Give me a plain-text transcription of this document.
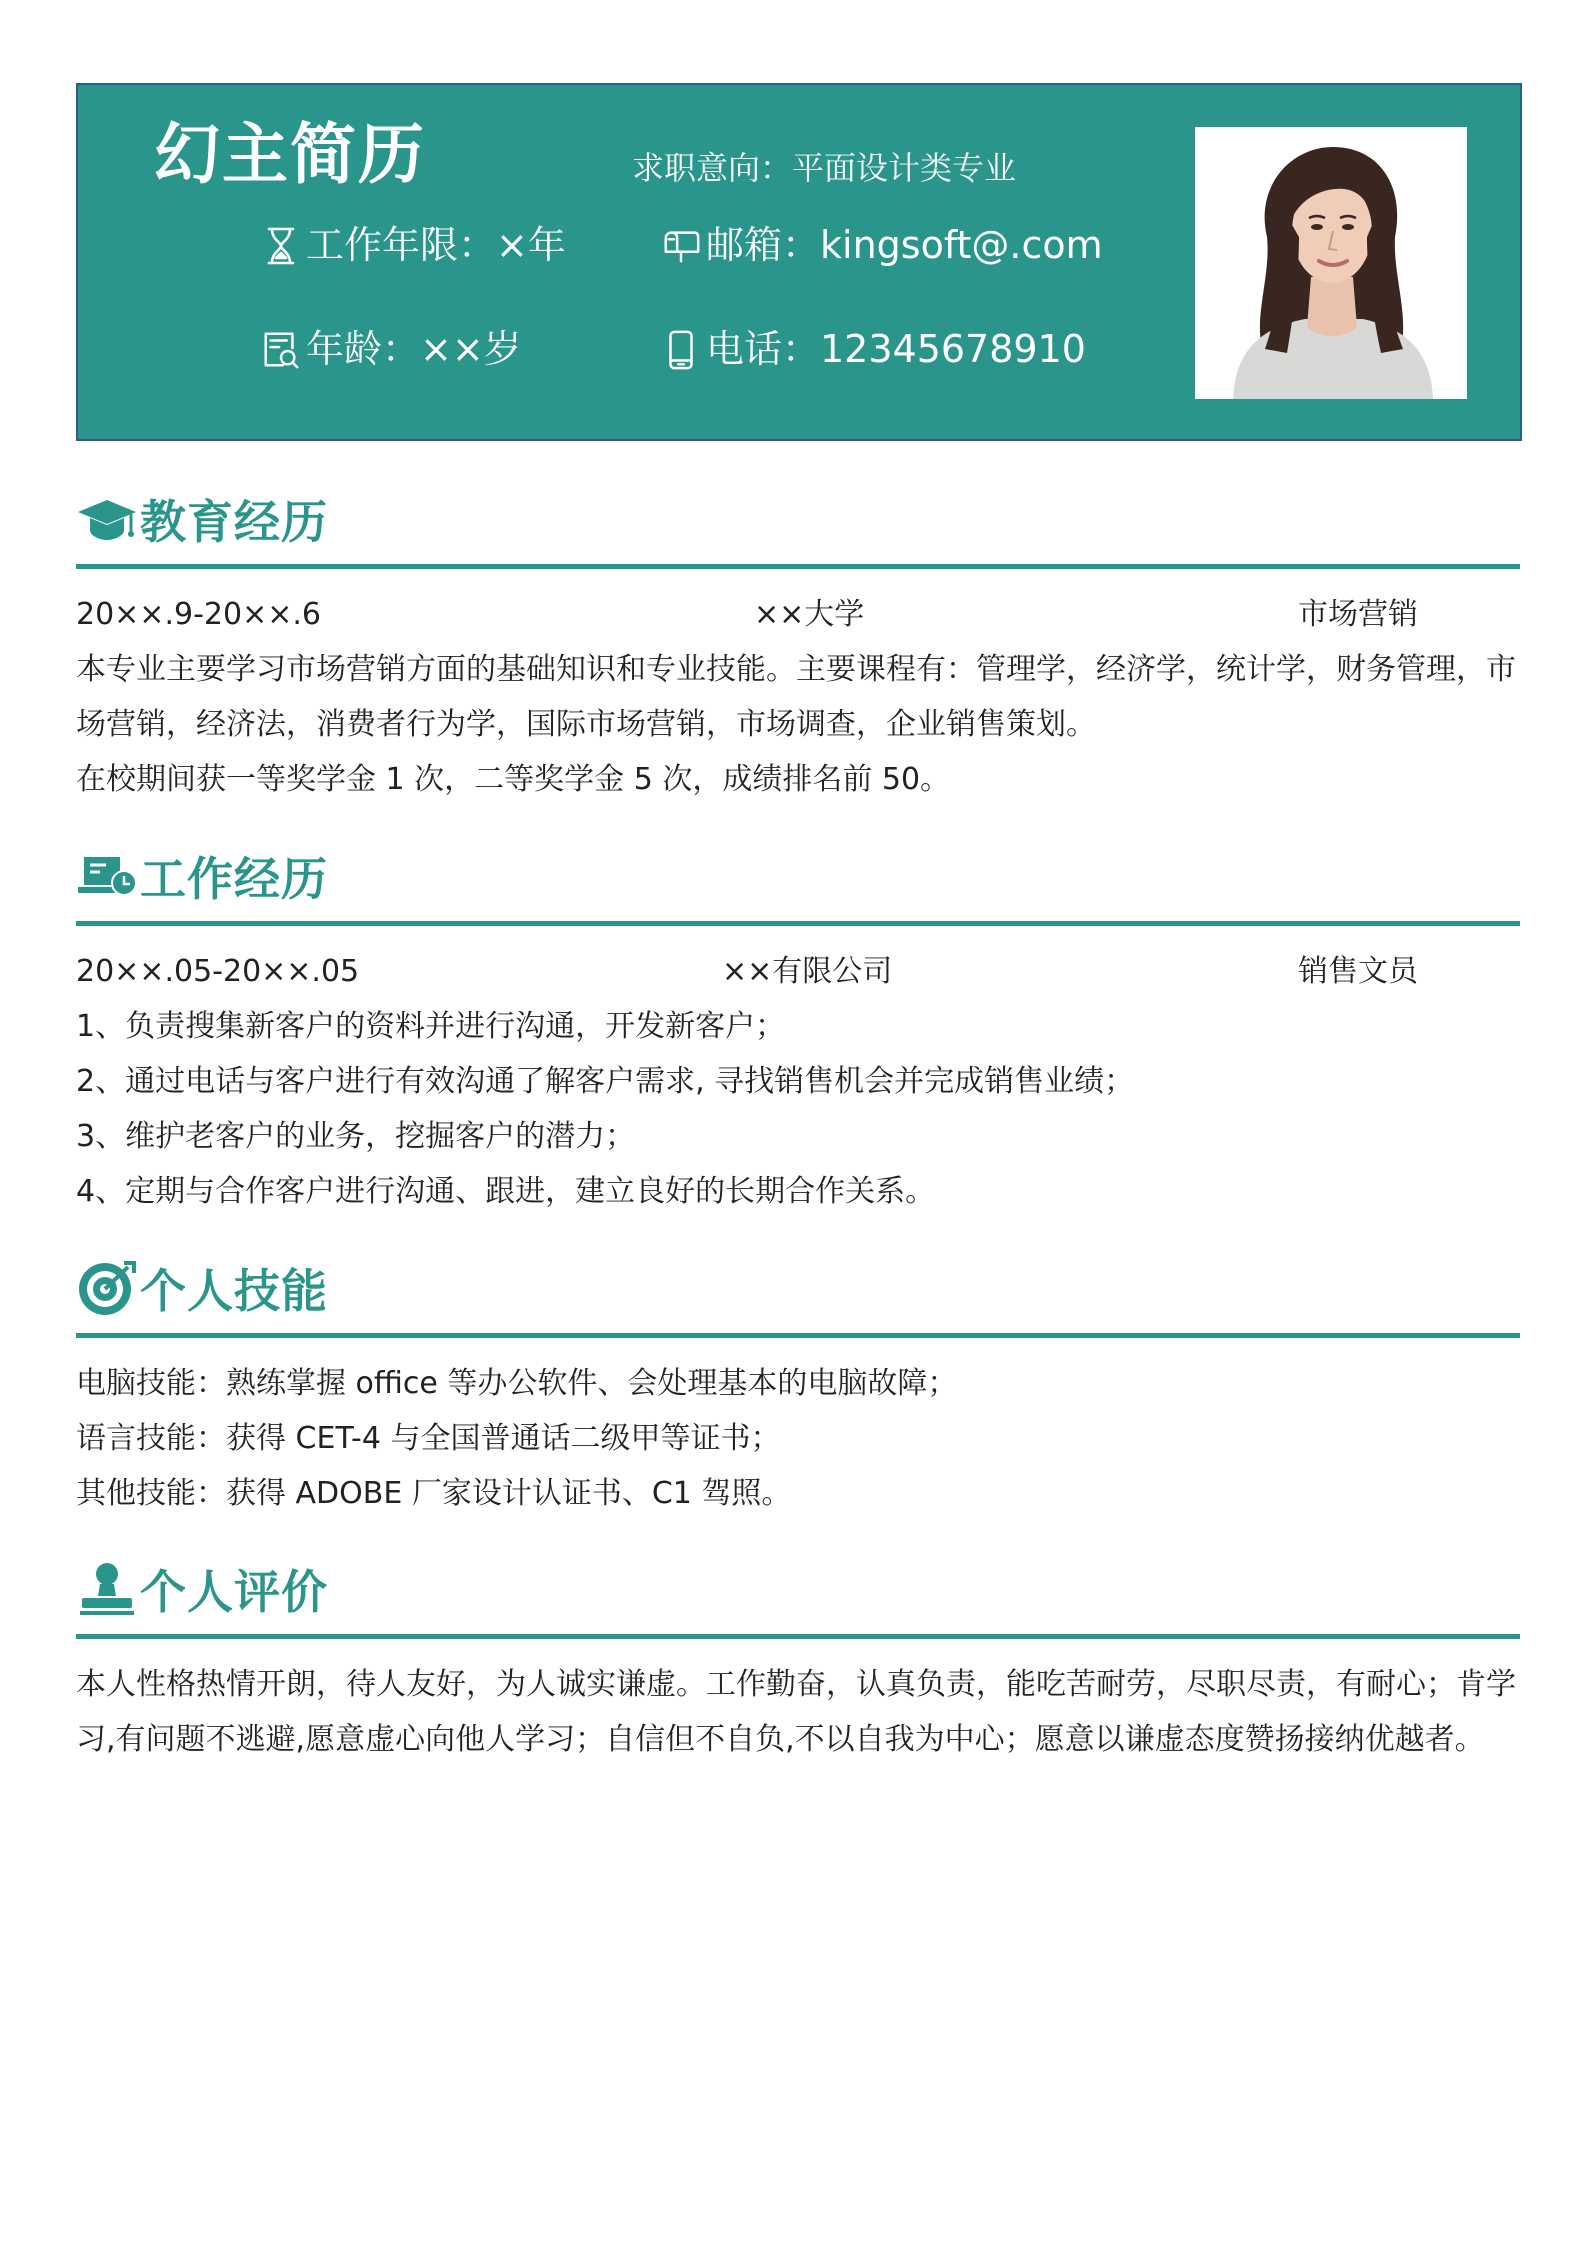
幻主简历	求职意向：平面设计类专业
工作年限：×年	邮箱：kingsoft@.com
年龄：××岁	电话：12345678910
教育经历
20××.9-20××.6	××大学	市场营销

本专业主要学习市场营销方面的基础知识和专业技能。主要课程有：管理学，经济学，统计学，财务管理，市场营销，经济法，消费者行为学，国际市场营销，市场调查，企业销售策划。

在校期间获一等奖学金 1 次，二等奖学金 5 次，成绩排名前 50。

工作经历
20××.05-20××.05	××有限公司	销售文员

1、负责搜集新客户的资料并进行沟通，开发新客户；

2、通过电话与客户进行有效沟通了解客户需求, 寻找销售机会并完成销售业绩；

3、维护老客户的业务，挖掘客户的潜力；

4、定期与合作客户进行沟通、跟进，建立良好的长期合作关系。

个人技能

电脑技能：熟练掌握 office 等办公软件、会处理基本的电脑故障；

语言技能：获得 CET-4 与全国普通话二级甲等证书；

其他技能：获得 ADOBE 厂家设计认证书、C1 驾照。

个人评价

本人性格热情开朗，待人友好，为人诚实谦虚。工作勤奋，认真负责，能吃苦耐劳，尽职尽责，有耐心；肯学习,有问题不逃避,愿意虚心向他人学习；自信但不自负,不以自我为中心；愿意以谦虚态度赞扬接纳优越者。
